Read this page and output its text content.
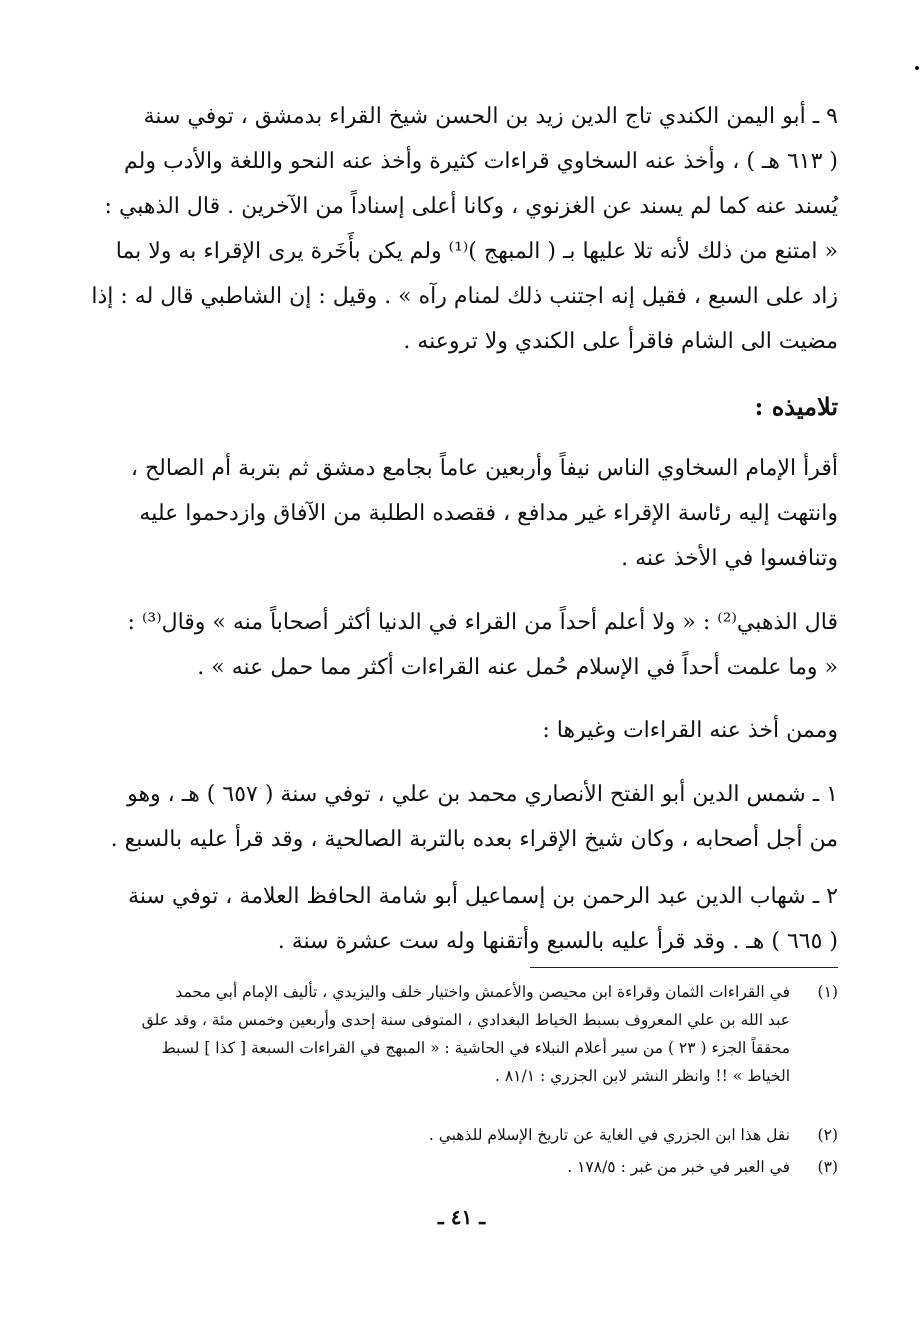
٩ ـ أبو اليمن الكندي تاج الدين زيد بن الحسن شيخ القراء بدمشق ، توفي سنة
( ٦١٣ هـ ) ، وأخذ عنه السخاوي قراءات كثيرة وأخذ عنه النحو واللغة والأدب ولم
يُسند عنه كما لم يسند عن الغزنوي ، وكانا أعلى إسناداً من الآخرين . قال الذهبي :
« امتنع من ذلك لأنه تلا عليها بـ ( المبهج )⁽¹⁾ ولم يكن بأَخَرة يرى الإقراء به ولا بما
زاد على السبع ، فقيل إنه اجتنب ذلك لمنام رآه » . وقيل : إن الشاطبي قال له : إذا
مضيت الى الشام فاقرأ على الكندي ولا تروعنه .
تلاميذه :
أقرأ الإمام السخاوي الناس نيفاً وأربعين عاماً بجامع دمشق ثم بتربة أم الصالح ،
وانتهت إليه رئاسة الإقراء غير مدافع ، فقصده الطلبة من الآفاق وازدحموا عليه
وتنافسوا في الأخذ عنه .
قال الذهبي⁽²⁾ : « ولا أعلم أحداً من القراء في الدنيا أكثر أصحاباً منه » وقال⁽³⁾ :
« وما علمت أحداً في الإسلام حُمل عنه القراءات أكثر مما حمل عنه » .
وممن أخذ عنه القراءات وغيرها :
١ ـ شمس الدين أبو الفتح الأنصاري محمد بن علي ، توفي سنة ( ٦٥٧ ) هـ ، وهو
من أجل أصحابه ، وكان شيخ الإقراء بعده بالتربة الصالحية ، وقد قرأ عليه بالسبع .
٢ ـ شهاب الدين عبد الرحمن بن إسماعيل أبو شامة الحافظ العلامة ، توفي سنة
( ٦٦٥ ) هـ . وقد قرأ عليه بالسبع وأتقنها وله ست عشرة سنة .
(١)
في القراءات الثمان وقراءة ابن محيصن والأعمش واختيار خلف واليزيدي ، تأليف الإمام أبي محمد
عبد الله بن علي المعروف بسبط الخياط البغدادي ، المتوفى سنة إحدى وأربعين وخمس مئة ، وقد علق
محققاً الجزء ( ٢٣ ) من سير أعلام النبلاء في الحاشية : « المبهج في القراءات السبعة [ كذا ] لسبط
الخياط » !! وانظر النشر لابن الجزري : ٨١/١ .
(٢)
نقل هذا ابن الجزري في الغاية عن تاريخ الإسلام للذهبي .
(٣)
في العبر في خبر من غبر : ١٧٨/٥ .
ـ ٤١ ـ
